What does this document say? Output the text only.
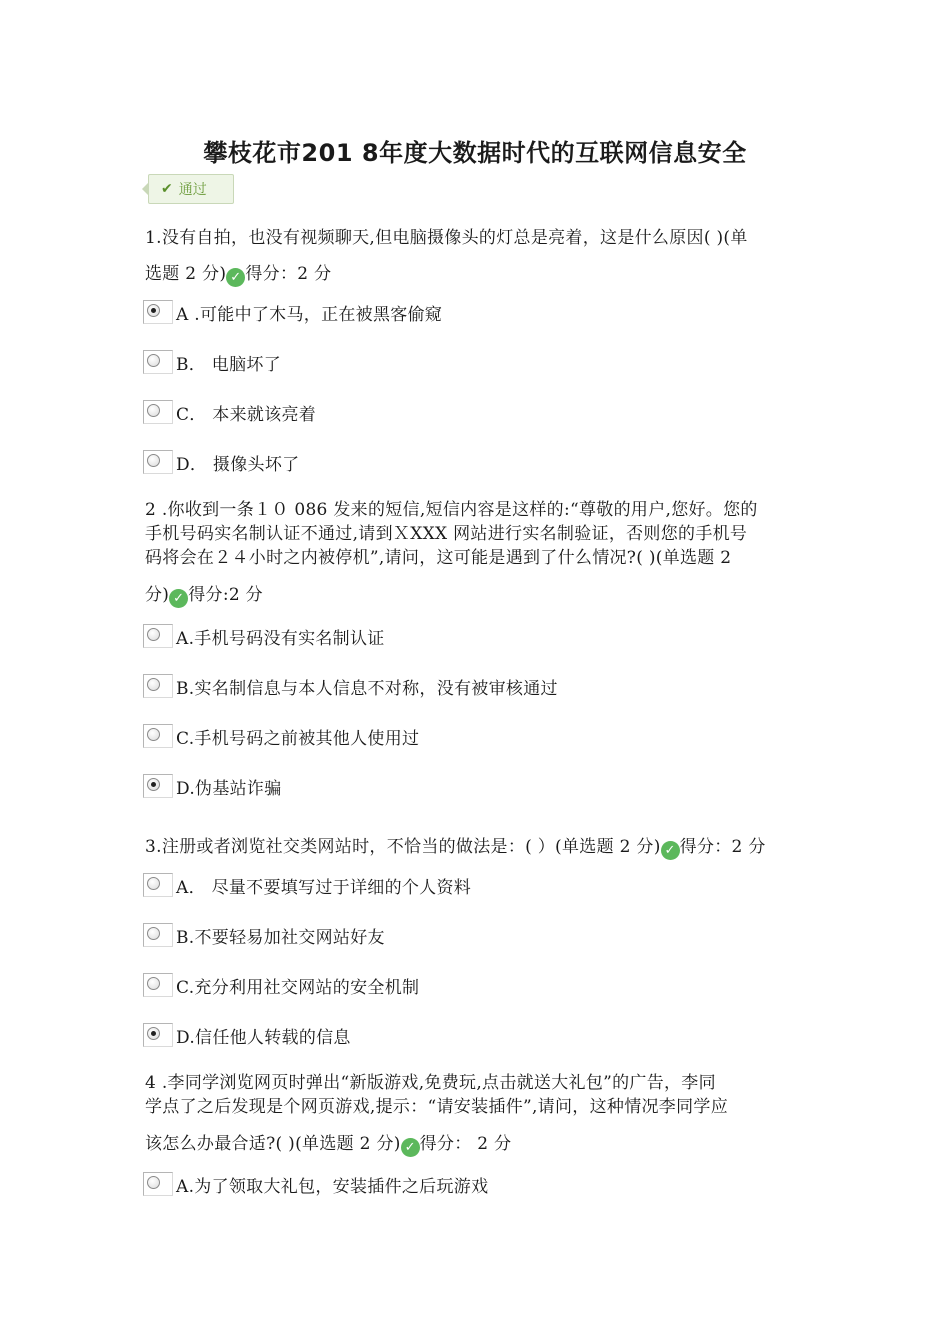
攀枝花市201 8年度大数据时代的互联网信息安全
✔ 通过
1.没有自拍，也没有视频聊天,但电脑摄像头的灯总是亮着，这是什么原因( )(单
选题 2 分) ✓ 得分：2 分
A .可能中了木马，正在被黑客偷窥
B． 电脑坏了
C． 本来就该亮着
D． 摄像头坏了
2 .你收到一条１０ 086 发来的短信,短信内容是这样的:“尊敬的用户,您好。您的
手机号码实名制认证不通过,请到ＸXXX 网站进行实名制验证，否则您的手机号
码将会在２４小时之内被停机”,请问，这可能是遇到了什么情况?( )(单选题 2
分) ✓ 得分:2 分
A.手机号码没有实名制认证
B.实名制信息与本人信息不对称，没有被审核通过
C.手机号码之前被其他人使用过
D.伪基站诈骗
3.注册或者浏览社交类网站时，不恰当的做法是：( ）(单选题 2 分) ✓ 得分：2 分
A． 尽量不要填写过于详细的个人资料
B.不要轻易加社交网站好友
C.充分利用社交网站的安全机制
D.信任他人转载的信息
4 .李同学浏览网页时弹出“新版游戏,免费玩,点击就送大礼包”的广告，李同
学点了之后发现是个网页游戏,提示：“请安装插件”,请问，这种情况李同学应
该怎么办最合适?( )(单选题 2 分) ✓ 得分： 2 分
A.为了领取大礼包，安装插件之后玩游戏
